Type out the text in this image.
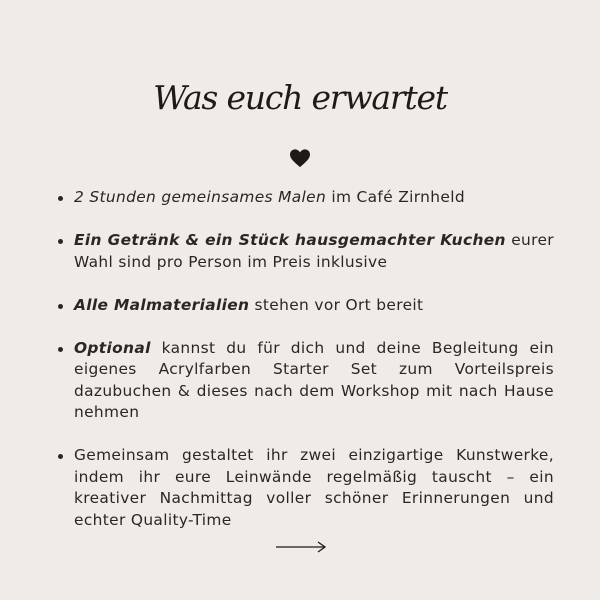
Was euch erwartet
2 Stunden gemeinsames Malen im Café Zirnheld
Ein Getränk & ein Stück hausgemachter Kuchen eurer Wahl sind pro Person im Preis inklusive
Alle Malmaterialien stehen vor Ort bereit
Optional kannst du für dich und deine Begleitung ein eigenes Acrylfarben Starter Set zum Vorteilspreis dazubuchen & dieses nach dem Workshop mit nach Hause nehmen
Gemeinsam gestaltet ihr zwei einzigartige Kunstwerke, indem ihr eure Leinwände regelmäßig tauscht – ein kreativer Nachmittag voller schöner Erinnerungen und echter Quality-Time
